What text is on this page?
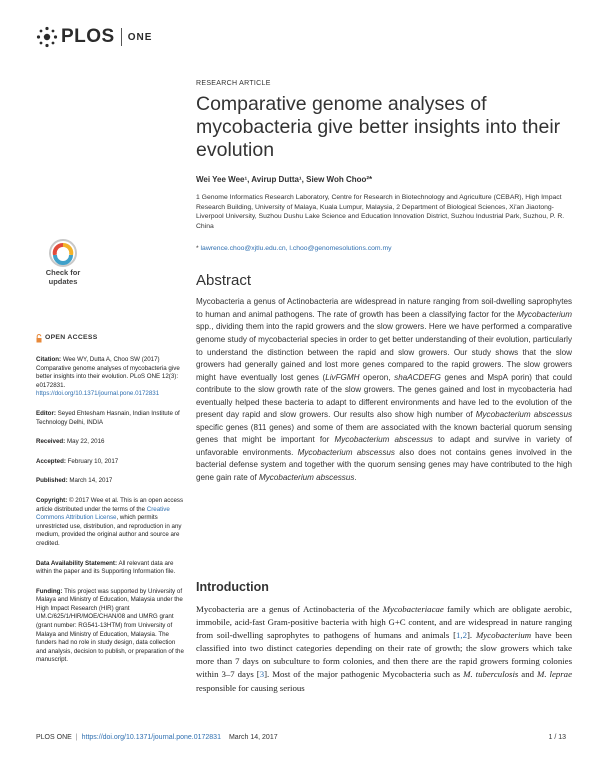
PLOS ONE
Check for updates
OPEN ACCESS

Citation: Wee WY, Dutta A, Choo SW (2017) Comparative genome analyses of mycobacteria give better insights into their evolution. PLoS ONE 12(3): e0172831. https://doi.org/10.1371/journal.pone.0172831

Editor: Seyed Ehtesham Hasnain, Indian Institute of Technology Delhi, INDIA

Received: May 22, 2016

Accepted: February 10, 2017

Published: March 14, 2017

Copyright: © 2017 Wee et al. This is an open access article distributed under the terms of the Creative Commons Attribution License, which permits unrestricted use, distribution, and reproduction in any medium, provided the original author and source are credited.

Data Availability Statement: All relevant data are within the paper and its Supporting Information file.

Funding: This project was supported by University of Malaya and Ministry of Education, Malaysia under the High Impact Research (HIR) grant UM.C/625/1/HIR/MOE/CHAN/08 and UMRG grant (grant number: RG541-13HTM) from University of Malaya and Ministry of Education, Malaysia. The funders had no role in study design, data collection and analysis, decision to publish, or preparation of the manuscript.

RESEARCH ARTICLE
Comparative genome analyses of mycobacteria give better insights into their evolution
Wei Yee Wee¹, Avirup Dutta¹, Siew Woh Choo²*
1 Genome Informatics Research Laboratory, Centre for Research in Biotechnology and Agriculture (CEBAR), High Impact Research Building, University of Malaya, Kuala Lumpur, Malaysia, 2 Department of Biological Sciences, Xi'an Jiaotong-Liverpool University, Suzhou Dushu Lake Science and Education Innovation District, Suzhou Industrial Park, Suzhou, P. R. China
* lawrence.choo@xjtlu.edu.cn, l.choo@genomesolutions.com.my
Abstract
Mycobacteria a genus of Actinobacteria are widespread in nature ranging from soil-dwelling saprophytes to human and animal pathogens. The rate of growth has been a classifying factor for the Mycobacterium spp., dividing them into the rapid growers and the slow growers. Here we have performed a comparative genome study of mycobacterial species in order to get better understanding of their evolution, particularly to understand the distinction between the rapid and slow growers. Our study shows that the slow growers had generally gained and lost more genes compared to the rapid growers. The slow growers might have eventually lost genes (LivFGMH operon, shaACDEFG genes and MspA porin) that could contribute to the slow growth rate of the slow growers. The genes gained and lost in mycobacteria had eventually helped these bacteria to adapt to different environments and have led to the evolution of the present day rapid and slow growers. Our results also show high number of Mycobacterium abscessus specific genes (811 genes) and some of them are associated with the known bacterial quorum sensing genes that might be important for Mycobacterium abscessus to adapt and survive in variety of unfavorable environments. Mycobacterium abscessus also does not contains genes involved in the bacterial defense system and together with the quorum sensing genes may have contributed to the high gene gain rate of Mycobacterium abscessus.
Introduction
Mycobacteria are a genus of Actinobacteria of the Mycobacteriacae family which are obligate aerobic, immobile, acid-fast Gram-positive bacteria with high G+C content, and are widespread in nature ranging from soil-dwelling saprophytes to pathogens of humans and animals [1,2]. Mycobacterium have been classified into two distinct categories depending on their rate of growth; the slow growers which take more than 7 days on subculture to form colonies, and then there are the rapid growers forming colonies within 3–7 days [3]. Most of the major pathogenic Mycobacteria such as M. tuberculosis and M. leprae responsible for causing serious
PLOS ONE | https://doi.org/10.1371/journal.pone.0172831 March 14, 2017	1 / 13
